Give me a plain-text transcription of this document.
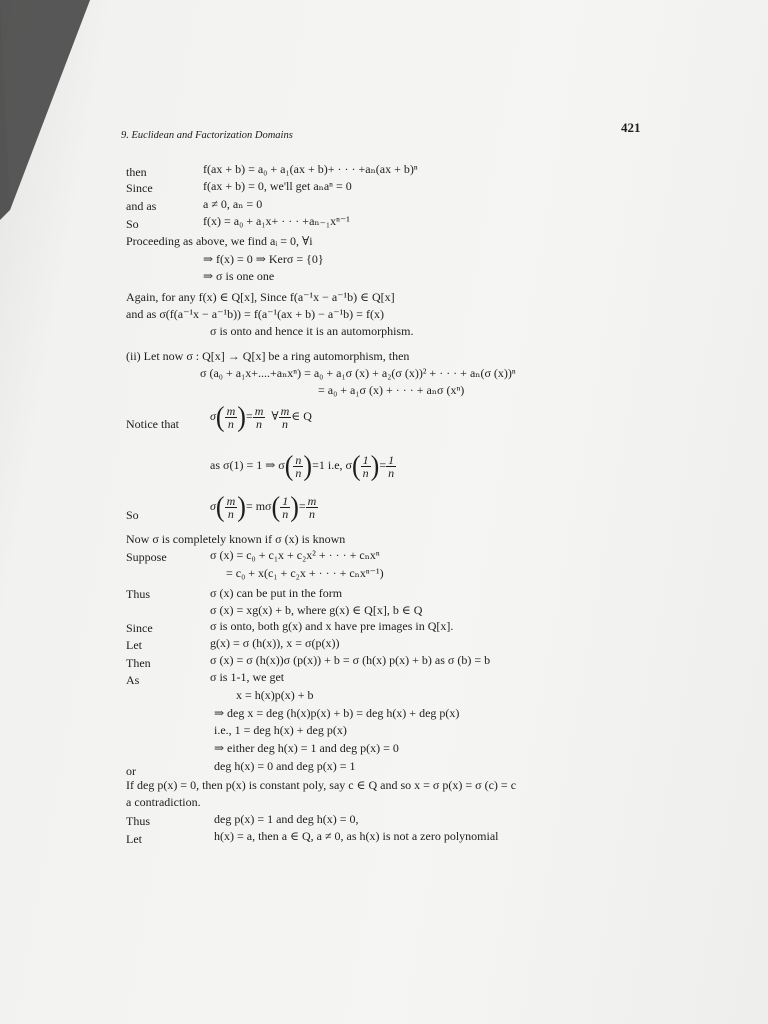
421
9. Euclidean and Factorization Domains
then	f(ax + b) = a₀ + a₁(ax + b)+ · · · +aₙ(ax + b)ⁿ
Since	f(ax + b) = 0, we'll get aₙaⁿ = 0
and as	a ≠ 0, aₙ = 0
So	f(x) = a₀ + a₁x+ · · · +aₙ₋₁xⁿ⁻¹
Proceeding as above, we find aᵢ = 0, ∀i
⇒ f(x) = 0 ⇒ Kerσ = {0}
⇒ σ is one one
Again, for any f(x) ∈ Q[x], Since f(a⁻¹x − a⁻¹b) ∈ Q[x]
and as σ(f(a⁻¹x − a⁻¹b)) = f(a⁻¹(ax + b) − a⁻¹b) = f(x)
σ is onto and hence it is an automorphism.
(ii) Let now σ : Q[x] → Q[x] be a ring automorphism, then
σ (a₀ + a₁x+....+aₙxⁿ) = a₀ + a₁σ (x) + a₂(σ (x))² + · · · + aₙ(σ (x))ⁿ
= a₀ + a₁σ (x) + · · · + aₙσ (xⁿ)
Notice that
$\sigma( \frac{m}{n}$ )= $\frac{m}{n}$ ∀ $\frac{m}{n}$ ∈ Q
as σ(1) = 1 ⇒ $\sigma( \frac{n}{n} )=1$ i.e, $\sigma( \frac{1}{n}$ )= $\frac{1}{n}$
So
$\sigma( \frac{m}{n}$ )= $m\sigma( \frac{1}{n}$ )= $\frac{m}{n}$
Now σ is completely known if σ (x) is known
Suppose	σ (x) = c₀ + c₁x + c₂x² + · · · + cₙxⁿ
= c₀ + x(c₁ + c₂x + · · · + cₙxⁿ⁻¹)
Thus	σ (x) can be put in the form
σ (x) = xg(x) + b, where g(x) ∈ Q[x], b ∈ Q
Since	σ is onto, both g(x) and x have pre images in Q[x].
Let	g(x) = σ (h(x)), x = σ(p(x))
Then	σ (x) = σ (h(x))σ (p(x)) + b = σ (h(x) p(x) + b) as σ (b) = b
As	σ is 1-1, we get
x = h(x)p(x) + b
⇒ deg x = deg (h(x)p(x) + b) = deg h(x) + deg p(x)
i.e., 1 = deg h(x) + deg p(x)
⇒ either deg h(x) = 1 and deg p(x) = 0
or	deg h(x) = 0 and deg p(x) = 1
If deg p(x) = 0, then p(x) is constant poly, say c ∈ Q and so x = σ p(x) = σ (c) = c
a contradiction.
Thus	deg p(x) = 1 and deg h(x) = 0,
Let	h(x) = a, then a ∈ Q, a ≠ 0, as h(x) is not a zero polynomial
